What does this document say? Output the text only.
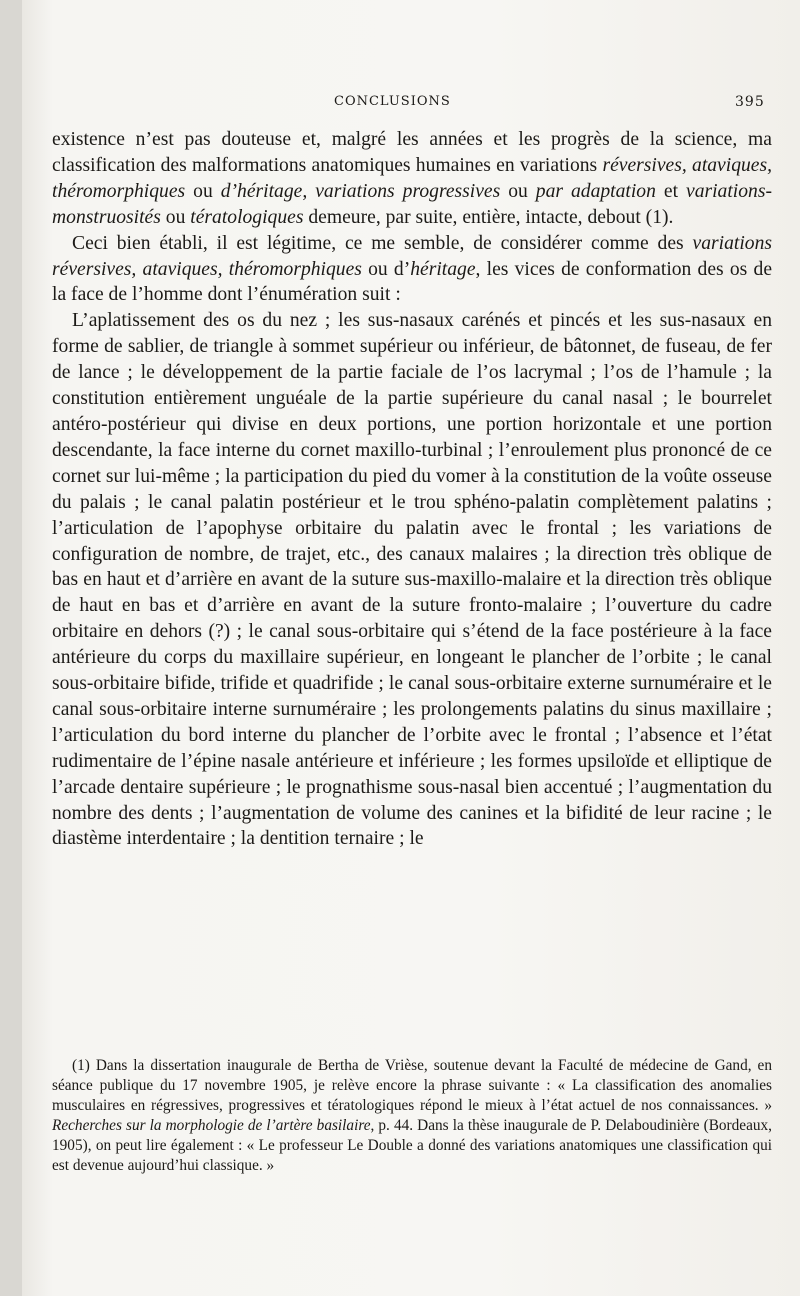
CONCLUSIONS	395

existence n’est pas douteuse et, malgré les années et les progrès de la science, ma classification des malformations anatomiques humaines en variations réversives, ataviques, théromorphiques ou d’héritage, variations progressives ou par adaptation et variations-monstruosités ou tératologiques demeure, par suite, entière, intacte, debout (1).

Ceci bien établi, il est légitime, ce me semble, de considérer comme des variations réversives, ataviques, théromorphiques ou d’héritage, les vices de conformation des os de la face de l’homme dont l’énumération suit :

L’aplatissement des os du nez ; les sus-nasaux carénés et pincés et les sus-nasaux en forme de sablier, de triangle à sommet supérieur ou inférieur, de bâtonnet, de fuseau, de fer de lance ; le développement de la partie faciale de l’os lacrymal ; l’os de l’hamule ; la constitution entièrement unguéale de la partie supérieure du canal nasal ; le bourrelet antéro-postérieur qui divise en deux portions, une portion horizontale et une portion descendante, la face interne du cornet maxillo-turbinal ; l’enroulement plus prononcé de ce cornet sur lui-même ; la participation du pied du vomer à la constitution de la voûte osseuse du palais ; le canal palatin postérieur et le trou sphéno-palatin complètement palatins ; l’articulation de l’apophyse orbitaire du palatin avec le frontal ; les variations de configuration de nombre, de trajet, etc., des canaux malaires ; la direction très oblique de bas en haut et d’arrière en avant de la suture sus-maxillo-malaire et la direction très oblique de haut en bas et d’arrière en avant de la suture fronto-malaire ; l’ouverture du cadre orbitaire en dehors (?) ; le canal sous-orbitaire qui s’étend de la face postérieure à la face antérieure du corps du maxillaire supérieur, en longeant le plancher de l’orbite ; le canal sous-orbitaire bifide, trifide et quadrifide ; le canal sous-orbitaire externe surnuméraire et le canal sous-orbitaire interne surnuméraire ; les prolongements palatins du sinus maxillaire ; l’articulation du bord interne du plancher de l’orbite avec le frontal ; l’absence et l’état rudimentaire de l’épine nasale antérieure et inférieure ; les formes upsiloïde et elliptique de l’arcade dentaire supérieure ; le prognathisme sous-nasal bien accentué ; l’augmentation du nombre des dents ; l’augmentation de volume des canines et la bifidité de leur racine ; le diastème interdentaire ; la dentition ternaire ; le

(1) Dans la dissertation inaugurale de Bertha de Vrièse, soutenue devant la Faculté de médecine de Gand, en séance publique du 17 novembre 1905, je relève encore la phrase suivante : « La classification des anomalies musculaires en régressives, progressives et tératologiques répond le mieux à l’état actuel de nos connaissances. » Recherches sur la morphologie de l’artère basilaire, p. 44. Dans la thèse inaugurale de P. Delaboudinière (Bordeaux, 1905), on peut lire également : « Le professeur Le Double a donné des variations anatomiques une classification qui est devenue aujourd’hui classique. »
